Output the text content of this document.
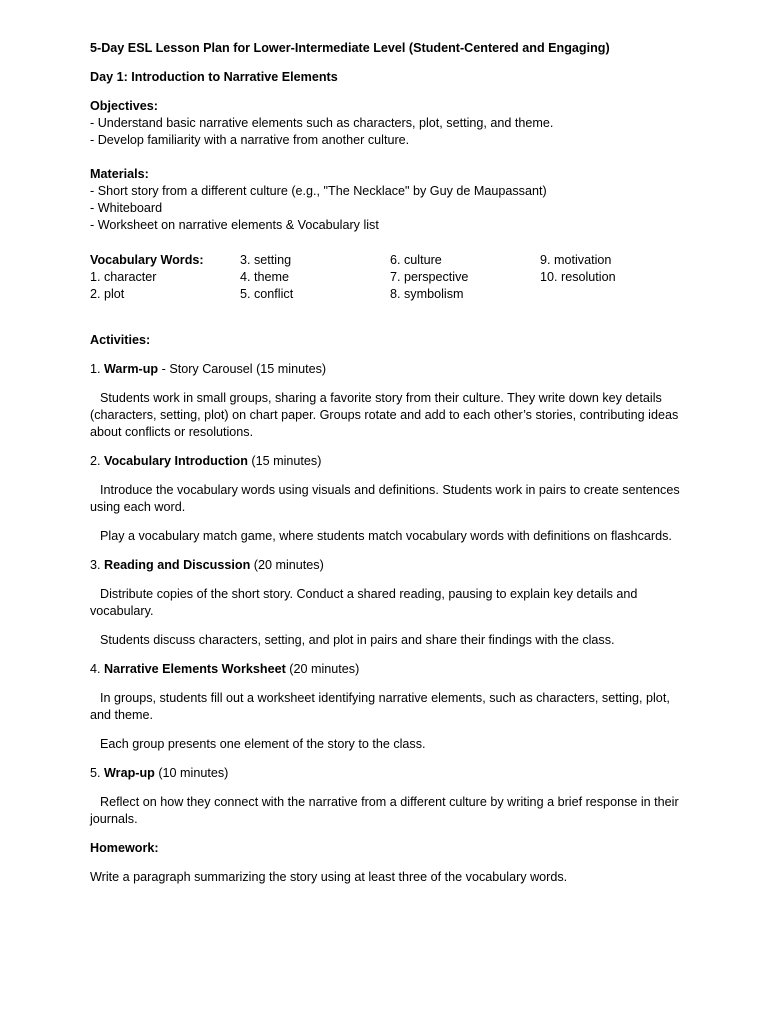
5-Day ESL Lesson Plan for Lower-Intermediate Level (Student-Centered and Engaging)

Day 1: Introduction to Narrative Elements

Objectives:

- Understand basic narrative elements such as characters, plot, setting, and theme.

- Develop familiarity with a narrative from another culture.

Materials:

- Short story from a different culture (e.g., "The Necklace" by Guy de Maupassant)

- Whiteboard

- Worksheet on narrative elements & Vocabulary list

Vocabulary Words:

1. character

2. plot

3. setting

4. theme

5. conflict

6. culture

7. perspective

8. symbolism

9. motivation

10. resolution

Activities:

1. Warm-up - Story Carousel (15 minutes)

Students work in small groups, sharing a favorite story from their culture. They write down key details (characters, setting, plot) on chart paper. Groups rotate and add to each other’s stories, contributing ideas about conflicts or resolutions.

2. Vocabulary Introduction (15 minutes)

Introduce the vocabulary words using visuals and definitions. Students work in pairs to create sentences using each word.

Play a vocabulary match game, where students match vocabulary words with definitions on flashcards.

3. Reading and Discussion (20 minutes)

Distribute copies of the short story. Conduct a shared reading, pausing to explain key details and vocabulary.

Students discuss characters, setting, and plot in pairs and share their findings with the class.

4. Narrative Elements Worksheet (20 minutes)

In groups, students fill out a worksheet identifying narrative elements, such as characters, setting, plot, and theme.

Each group presents one element of the story to the class.

5. Wrap-up (10 minutes)

Reflect on how they connect with the narrative from a different culture by writing a brief response in their journals.

Homework:

Write a paragraph summarizing the story using at least three of the vocabulary words.
